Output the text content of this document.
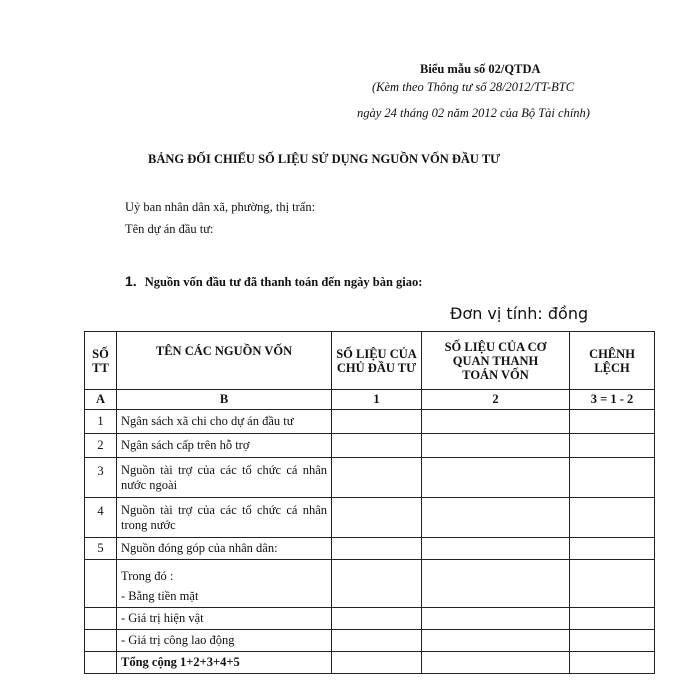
Biểu mẫu số 02/QTDA
(Kèm theo Thông tư số 28/2012/TT-BTC
ngày 24 tháng 02 năm 2012 của Bộ Tài chính)
BẢNG ĐỐI CHIẾU SỐ LIỆU SỬ DỤNG NGUỒN VỐN ĐẦU TƯ
Uỷ ban nhân dân xã, phường, thị trấn:
Tên dự án đầu tư:
1. Nguồn vốn đầu tư đã thanh toán đến ngày bàn giao:
Đơn vị tính: đồng
SỐ TT	TÊN CÁC NGUỒN VỐN	SỐ LIỆU CỦA CHỦ ĐẦU TƯ	SỐ LIỆU CỦA CƠ QUAN THANH TOÁN VỐN	CHÊNH LỆCH
A	B	1	2	3 = 1 - 2
1	Ngân sách xã chi cho dự án đầu tư			
2	Ngân sách cấp trên hỗ trợ			
3	Nguồn tài trợ của các tổ chức cá nhân nước ngoài			
4	Nguồn tài trợ của các tổ chức cá nhân trong nước			
5	Nguồn đóng góp của nhân dân:			

	Trong đó :
- Bằng tiền mặt			

	- Giá trị hiện vật			
	- Giá trị công lao động			
	Tổng cộng 1+2+3+4+5			
